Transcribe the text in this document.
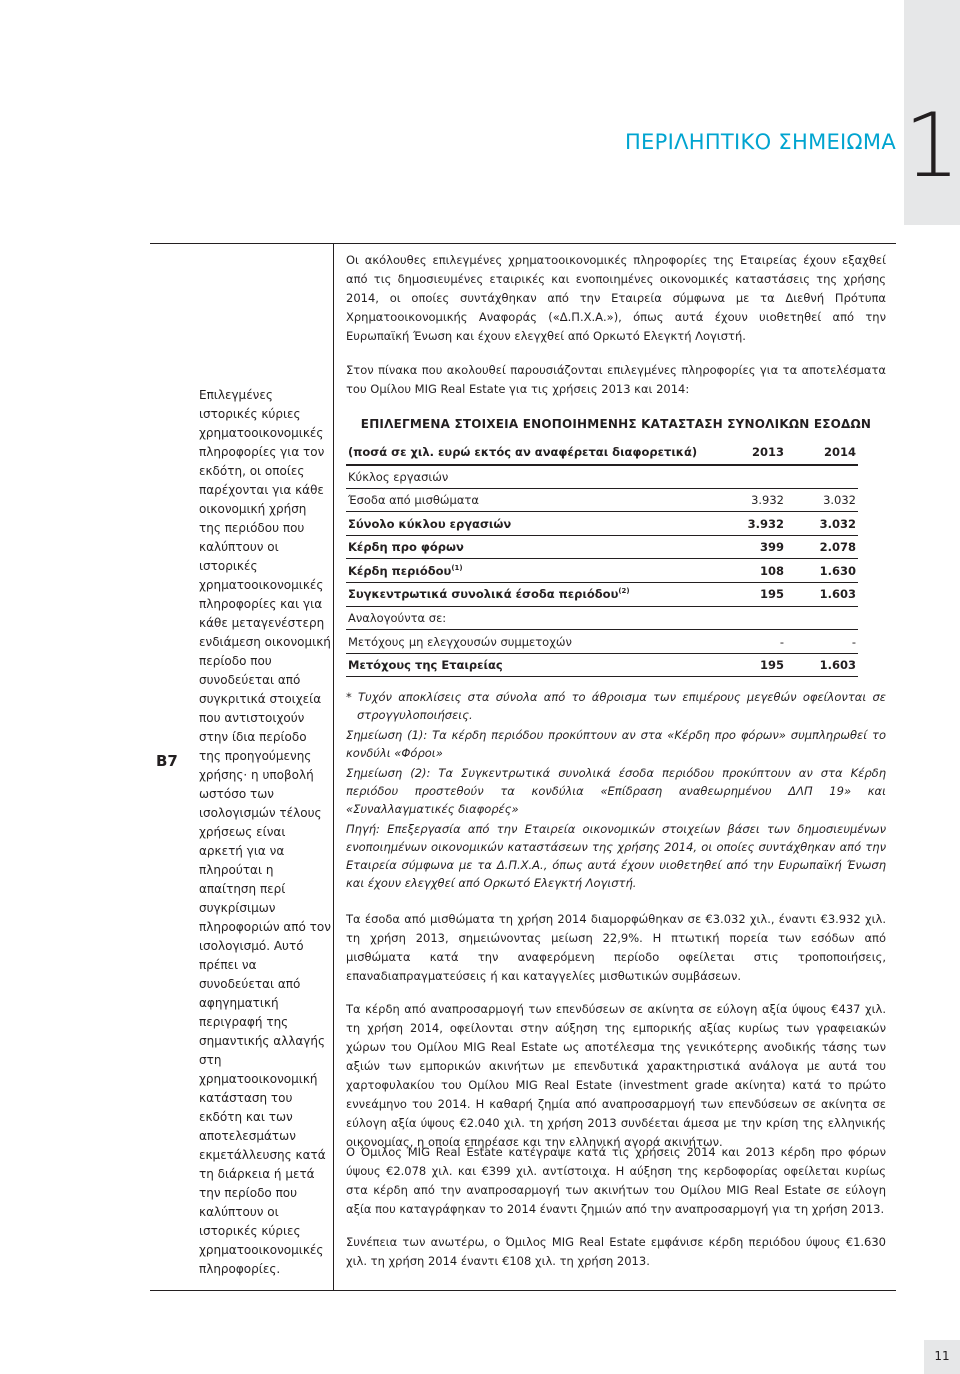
1
ΠΕΡΙΛΗΠΤΙΚΟ ΣΗΜΕΙΩΜΑ
B7
Επιλεγμένες ιστορικές κύριες χρηματοοικονομικές πληροφορίες για τον εκδότη, οι οποίες παρέχονται για κάθε οικονομική χρήση της περιόδου που καλύπτουν οι ιστορικές χρηματοοικονομικές πληροφορίες και για κάθε μεταγενέστερη ενδιάμεση οικονομική περίοδο που συνοδεύεται από συγκριτικά στοιχεία που αντιστοιχούν στην ίδια περίοδο της προηγούμενης χρήσης· η υποβολή ωστόσο των ισολογισμών τέλους χρήσεως είναι αρκετή για να πληρούται η απαίτηση περί συγκρίσιμων πληροφοριών από τον ισολογισμό. Αυτό πρέπει να συνοδεύεται από αφηγηματική περιγραφή της σημαντικής αλλαγής στη χρηματοοικονομική κατάσταση του εκδότη και των αποτελεσμάτων εκμετάλλευσης κατά τη διάρκεια ή μετά την περίοδο που καλύπτουν οι ιστορικές κύριες χρηματοοικονομικές πληροφορίες.

Οι ακόλουθες επιλεγμένες χρηματοοικονομικές πληροφορίες της Εταιρείας έχουν εξαχθεί από τις δημοσιευμένες εταιρικές και ενοποιημένες οικονομικές καταστάσεις της χρήσης 2014, οι οποίες συντάχθηκαν από την Εταιρεία σύμφωνα με τα Διεθνή Πρότυπα Χρηματοοικονομικής Αναφοράς («Δ.Π.Χ.Α.»), όπως αυτά έχουν υιοθετηθεί από την Ευρωπαϊκή Ένωση και έχουν ελεγχθεί από Ορκωτό Ελεγκτή Λογιστή.

Στον πίνακα που ακολουθεί παρουσιάζονται επιλεγμένες πληροφορίες για τα αποτελέσματα του Ομίλου MIG Real Estate για τις χρήσεις 2013 και 2014:

ΕΠΙΛΕΓΜΕΝΑ ΣΤΟΙΧΕΙΑ ΕΝΟΠΟΙΗΜΕΝΗΣ ΚΑΤΑΣΤΑΣΗ ΣΥΝΟΛΙΚΩΝ ΕΣΟΔΩΝ
(ποσά σε χιλ. ευρώ εκτός αν αναφέρεται διαφορετικά)	2013	2014
Κύκλος εργασιών		
Έσοδα από μισθώματα	3.932	3.032
Σύνολο κύκλου εργασιών	3.932	3.032
Κέρδη προ φόρων	399	2.078
Κέρδη περιόδου$^{(1)}$	108	1.630
Συγκεντρωτικά συνολικά έσοδα περιόδου$^{(2)}$	195	1.603
Αναλογούντα σε:		
Μετόχους μη ελεγχουσών συμμετοχών	-	-
Μετόχους της Εταιρείας	195	1.603

* Τυχόν αποκλίσεις στα σύνολα από το άθροισμα των επιμέρους μεγεθών οφείλονται σε στρογγυλοποιήσεις.

Σημείωση (1): Τα κέρδη περιόδου προκύπτουν αν στα «Κέρδη προ φόρων» συμπληρωθεί το κονδύλι «Φόροι»

Σημείωση (2): Τα Συγκεντρωτικά συνολικά έσοδα περιόδου προκύπτουν αν στα Κέρδη περιόδου προστεθούν τα κονδύλια «Επίδραση αναθεωρημένου ΔΛΠ 19» και «Συναλλαγματικές διαφορές»

Πηγή: Επεξεργασία από την Εταιρεία οικονομικών στοιχείων βάσει των δημοσιευμένων ενοποιημένων οικονομικών καταστάσεων της χρήσης 2014, οι οποίες συντάχθηκαν από την Εταιρεία σύμφωνα με τα Δ.Π.Χ.Α., όπως αυτά έχουν υιοθετηθεί από την Ευρωπαϊκή Ένωση και έχουν ελεγχθεί από Ορκωτό Ελεγκτή Λογιστή.

Τα έσοδα από μισθώματα τη χρήση 2014 διαμορφώθηκαν σε €3.032 χιλ., έναντι €3.932 χιλ. τη χρήση 2013, σημειώνοντας μείωση 22,9%. Η πτωτική πορεία των εσόδων από μισθώματα κατά την αναφερόμενη περίοδο οφείλεται στις τροποποιήσεις, επαναδιαπραγματεύσεις ή και καταγγελίες μισθωτικών συμβάσεων.

Τα κέρδη από αναπροσαρμογή των επενδύσεων σε ακίνητα σε εύλογη αξία ύψους €437 χιλ. τη χρήση 2014, οφείλονται στην αύξηση της εμπορικής αξίας κυρίως των γραφειακών χώρων του Ομίλου MIG Real Estate ως αποτέλεσμα της γενικότερης ανοδικής τάσης των αξιών των εμπορικών ακινήτων με επενδυτικά χαρακτηριστικά ανάλογα με αυτά του χαρτοφυλακίου του Ομίλου MIG Real Estate (investment grade ακίνητα) κατά το πρώτο εννεάμηνο του 2014. Η καθαρή ζημία από αναπροσαρμογή των επενδύσεων σε ακίνητα σε εύλογη αξία ύψους €2.040 χιλ. τη χρήση 2013 συνδέεται άμεσα με την κρίση της ελληνικής οικονομίας, η οποία επηρέασε και την ελληνική αγορά ακινήτων.

Ο Όμιλος MIG Real Estate κατέγραψε κατά τις χρήσεις 2014 και 2013 κέρδη προ φόρων ύψους €2.078 χιλ. και €399 χιλ. αντίστοιχα. Η αύξηση της κερδοφορίας οφείλεται κυρίως στα κέρδη από την αναπροσαρμογή των ακινήτων του Ομίλου MIG Real Estate σε εύλογη αξία που καταγράφηκαν το 2014 έναντι ζημιών από την αναπροσαρμογή για τη χρήση 2013.

Συνέπεια των ανωτέρω, ο Όμιλος MIG Real Estate εμφάνισε κέρδη περιόδου ύψους €1.630 χιλ. τη χρήση 2014 έναντι €108 χιλ. τη χρήση 2013.

11
